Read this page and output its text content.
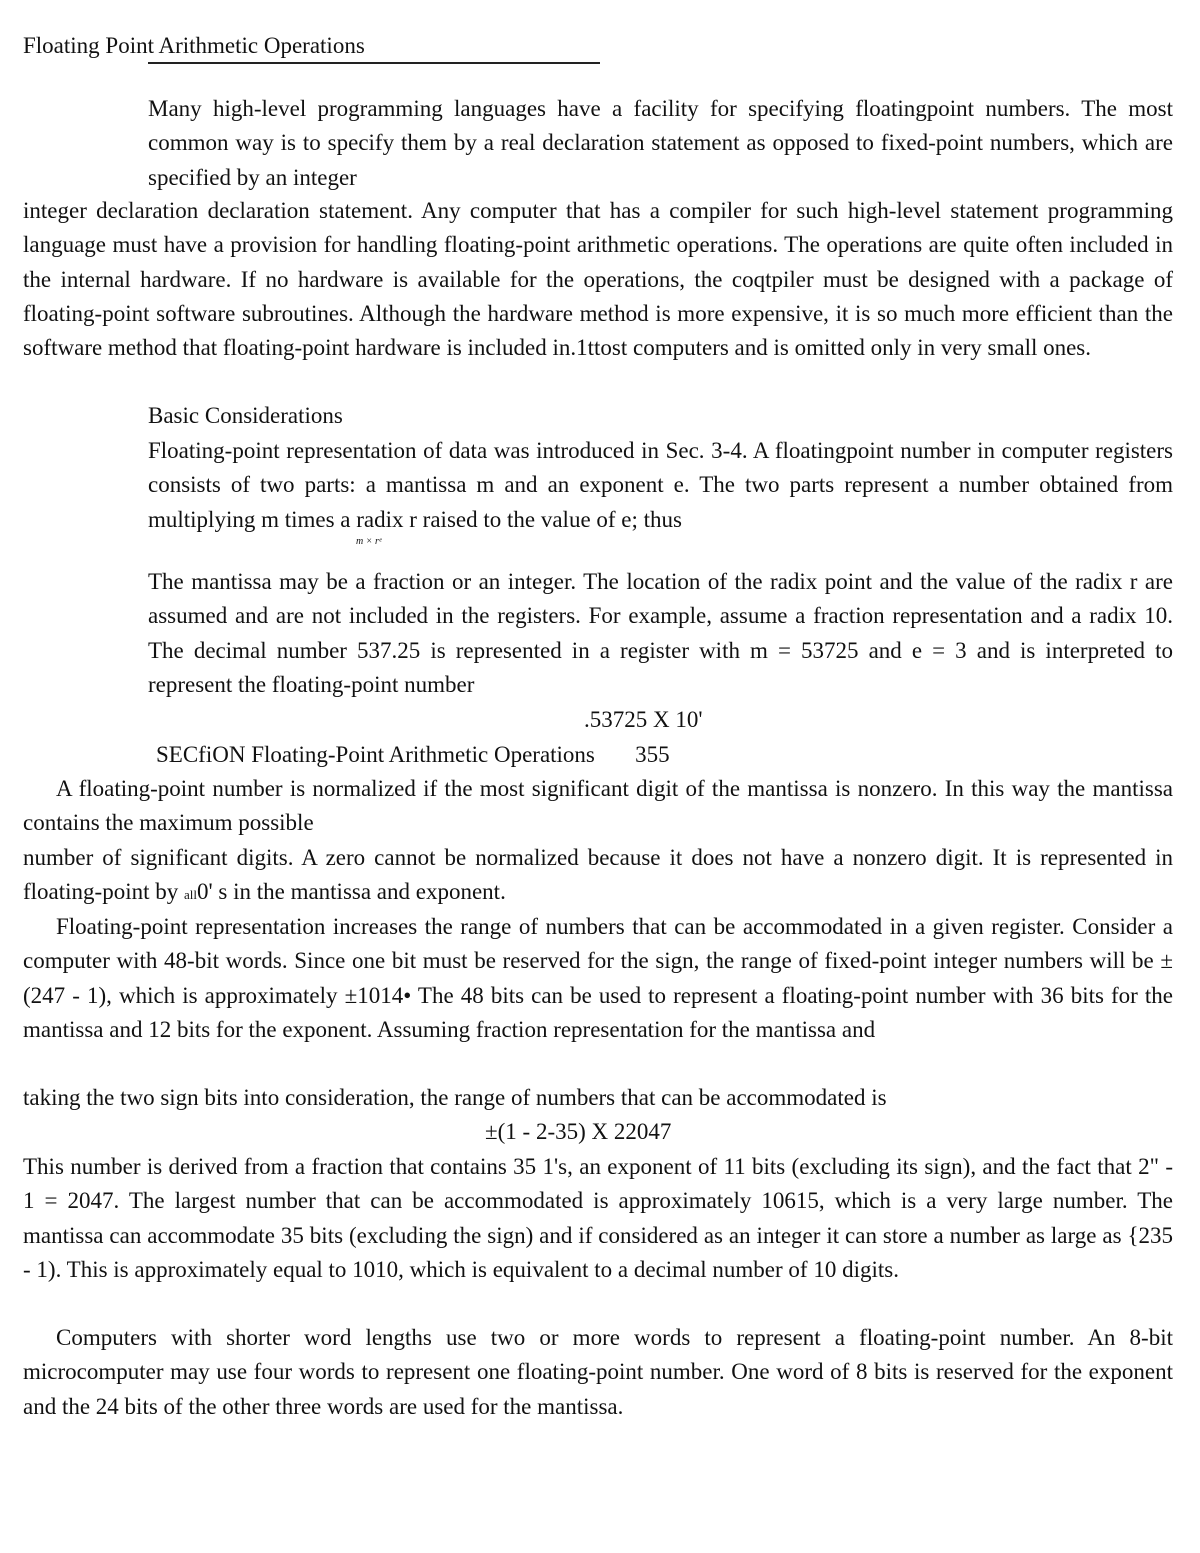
Floating Point Arithmetic Operations
Many high-level programming languages have a facility for specifying floatingpoint numbers. The most common way is to specify them by a real declaration statement as opposed to fixed-point numbers, which are specified by an integer
integer declaration declaration statement. Any computer that has a compiler for such high-level statement programming language must have a provision for handling floating-point arithmetic operations. The operations are quite often included in the internal hardware. If no hardware is available for the operations, the coqtpiler must be designed with a package of floating-point software subroutines. Although the hardware method is more expensive, it is so much more efficient than the software method that floating-point hardware is included in.1ttost computers and is omitted only in very small ones.
Basic Considerations
Floating-point representation of data was introduced in Sec. 3-4. A floatingpoint number in computer registers consists of two parts: a mantissa m and an exponent e. The two parts represent a number obtained from multiplying m times a radix r raised to the value of e; thus
m × rᵉ
The mantissa may be a fraction or an integer. The location of the radix point and the value of the radix r are assumed and are not included in the registers. For example, assume a fraction representation and a radix 10. The decimal number 537.25 is represented in a register with m = 53725 and e = 3 and is interpreted to represent the floating-point number
.53725 X 10'
SECfiON Floating-Point Arithmetic Operations       355
A floating-point number is normalized if the most significant digit of the mantissa is nonzero. In this way the mantissa contains the maximum possible
number of significant digits. A zero cannot be normalized because it does not have a nonzero digit. It is represented in floating-point by all0' s in the mantissa and exponent.
Floating-point representation increases the range of numbers that can be accommodated in a given register. Consider a computer with 48-bit words. Since one bit must be reserved for the sign, the range of fixed-point integer numbers will be ±(247 - 1), which is approximately ±1014• The 48 bits can be used to represent a floating-point number with 36 bits for the mantissa and 12 bits for the exponent. Assuming fraction representation for the mantissa and
taking the two sign bits into consideration, the range of numbers that can be accommodated is
±(1 - 2-35) X 22047
This number is derived from a fraction that contains 35 1's, an exponent of 11 bits (excluding its sign), and the fact that 2" - 1 = 2047. The largest number that can be accommodated is approximately 10615, which is a very large number. The mantissa can accommodate 35 bits (excluding the sign) and if considered as an integer it can store a number as large as {235 - 1). This is approximately equal to 1010, which is equivalent to a decimal number of 10 digits.
Computers with shorter word lengths use two or more words to represent a floating-point number. An 8-bit microcomputer may use four words to represent one floating-point number. One word of 8 bits is reserved for the exponent and the 24 bits of the other three words are used for the mantissa.
